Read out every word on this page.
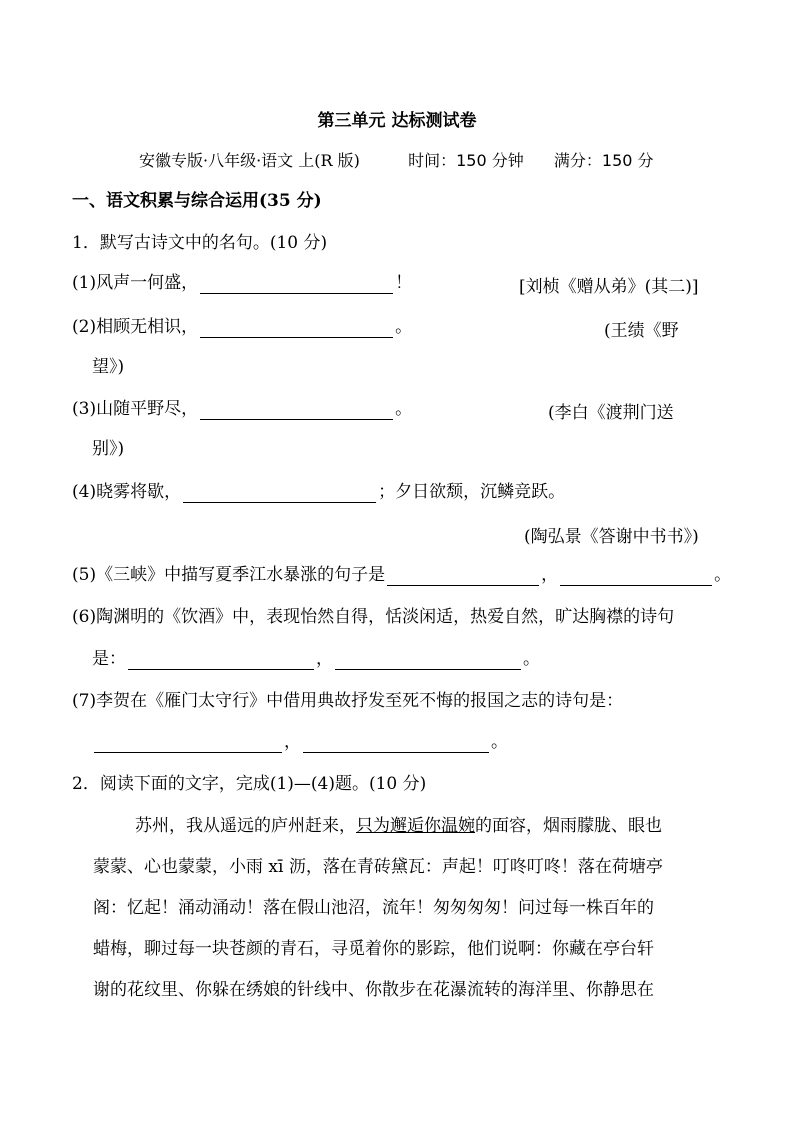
第三单元 达标测试卷
安徽专版·八年级·语文 上(R 版)	时间：150 分钟 满分：150 分
一、语文积累与综合运用(35 分)
1．默写古诗文中的名句。(10 分)
(1)风声一何盛，	！	[刘桢《赠从弟》(其二)]
(2)相顾无相识，	。	(王绩《野
望》)
(3)山随平野尽，	。	(李白《渡荆门送
别》)
(4)晓雾将歇，	；夕日欲颓，沉鳞竞跃。
(陶弘景《答谢中书书》)
(5)《三峡》中描写夏季江水暴涨的句子是	，	。
(6)陶渊明的《饮酒》中，表现怡然自得，恬淡闲适，热爱自然，旷达胸襟的诗句
是：	，	。
(7)李贺在《雁门太守行》中借用典故抒发至死不悔的报国之志的诗句是：
，	。
2．阅读下面的文字，完成(1)—(4)题。(10 分)

苏州，我从遥远的庐州赶来，只为邂逅你温婉的面容，烟雨朦胧、眼也

蒙蒙、心也蒙蒙，小雨 xī 沥，落在青砖黛瓦：声起！叮咚叮咚！落在荷塘亭

阁：忆起！涌动涌动！落在假山池沼，流年！匆匆匆匆！问过每一株百年的

蜡梅，聊过每一块苍颜的青石，寻觅着你的影踪，他们说啊：你藏在亭台轩

谢的花纹里、你躲在绣娘的针线中、你散步在花瀑流转的海洋里、你静思在
